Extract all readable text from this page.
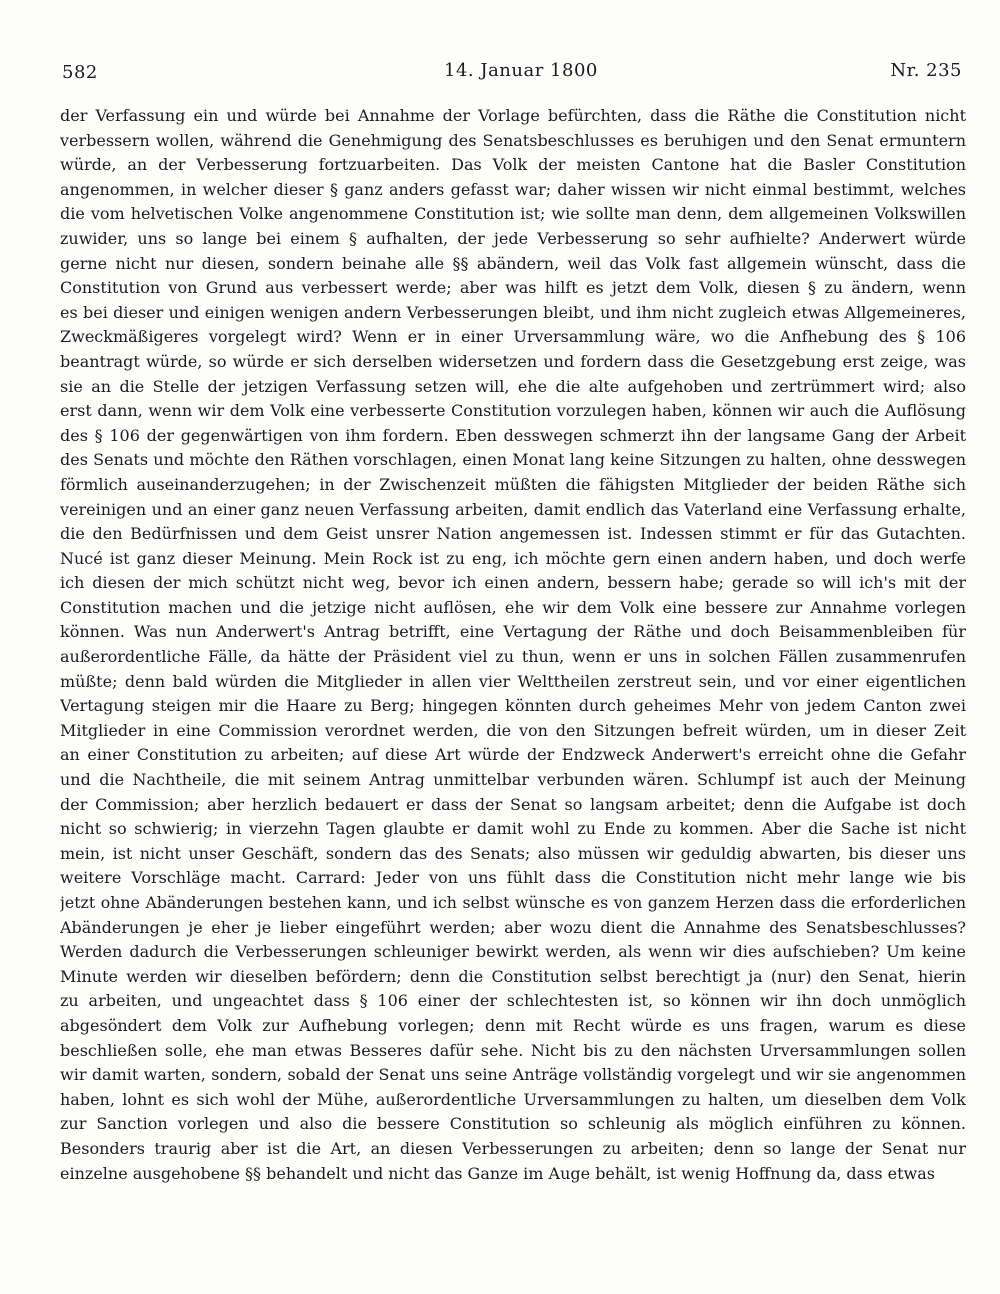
582	14. Januar 1800	Nr. 235
der Verfassung ein und würde bei Annahme der Vorlage befürchten, dass die Räthe die Constitution nicht
verbessern wollen, während die Genehmigung des Senatsbeschlusses es beruhigen und den Senat ermuntern
würde, an der Verbesserung fortzuarbeiten. Das Volk der meisten Cantone hat die Basler Constitution
angenommen, in welcher dieser § ganz anders gefasst war; daher wissen wir nicht einmal bestimmt, welches
die vom helvetischen Volke angenommene Constitution ist; wie sollte man denn, dem allgemeinen Volkswillen
zuwider, uns so lange bei einem § aufhalten, der jede Verbesserung so sehr aufhielte? Anderwert würde
gerne nicht nur diesen, sondern beinahe alle §§ abändern, weil das Volk fast allgemein wünscht, dass die
Constitution von Grund aus verbessert werde; aber was hilft es jetzt dem Volk, diesen § zu ändern, wenn
es bei dieser und einigen wenigen andern Verbesserungen bleibt, und ihm nicht zugleich etwas Allgemeineres,
Zweckmäßigeres vorgelegt wird? Wenn er in einer Urversammlung wäre, wo die Anfhebung des § 106
beantragt würde, so würde er sich derselben widersetzen und fordern dass die Gesetzgebung erst zeige, was
sie an die Stelle der jetzigen Verfassung setzen will, ehe die alte aufgehoben und zertrümmert wird; also
erst dann, wenn wir dem Volk eine verbesserte Constitution vorzulegen haben, können wir auch die Auflösung
des § 106 der gegenwärtigen von ihm fordern. Eben desswegen schmerzt ihn der langsame Gang der Arbeit
des Senats und möchte den Räthen vorschlagen, einen Monat lang keine Sitzungen zu halten, ohne desswegen
förmlich auseinanderzugehen; in der Zwischenzeit müßten die fähigsten Mitglieder der beiden Räthe sich
vereinigen und an einer ganz neuen Verfassung arbeiten, damit endlich das Vaterland eine Verfassung erhalte,
die den Bedürfnissen und dem Geist unsrer Nation angemessen ist. Indessen stimmt er für das Gutachten.
Nucé ist ganz dieser Meinung. Mein Rock ist zu eng, ich möchte gern einen andern haben, und doch werfe
ich diesen der mich schützt nicht weg, bevor ich einen andern, bessern habe; gerade so will ich's mit der
Constitution machen und die jetzige nicht auflösen, ehe wir dem Volk eine bessere zur Annahme vorlegen
können. Was nun Anderwert's Antrag betrifft, eine Vertagung der Räthe und doch Beisammenbleiben für
außerordentliche Fälle, da hätte der Präsident viel zu thun, wenn er uns in solchen Fällen zusammenrufen
müßte; denn bald würden die Mitglieder in allen vier Welttheilen zerstreut sein, und vor einer eigentlichen
Vertagung steigen mir die Haare zu Berg; hingegen könnten durch geheimes Mehr von jedem Canton zwei
Mitglieder in eine Commission verordnet werden, die von den Sitzungen befreit würden, um in dieser Zeit
an einer Constitution zu arbeiten; auf diese Art würde der Endzweck Anderwert's erreicht ohne die Gefahr
und die Nachtheile, die mit seinem Antrag unmittelbar verbunden wären. Schlumpf ist auch der Meinung
der Commission; aber herzlich bedauert er dass der Senat so langsam arbeitet; denn die Aufgabe ist doch
nicht so schwierig; in vierzehn Tagen glaubte er damit wohl zu Ende zu kommen. Aber die Sache ist nicht
mein, ist nicht unser Geschäft, sondern das des Senats; also müssen wir geduldig abwarten, bis dieser uns
weitere Vorschläge macht. Carrard: Jeder von uns fühlt dass die Constitution nicht mehr lange wie bis
jetzt ohne Abänderungen bestehen kann, und ich selbst wünsche es von ganzem Herzen dass die erforderlichen
Abänderungen je eher je lieber eingeführt werden; aber wozu dient die Annahme des Senatsbeschlusses?
Werden dadurch die Verbesserungen schleuniger bewirkt werden, als wenn wir dies aufschieben? Um keine
Minute werden wir dieselben befördern; denn die Constitution selbst berechtigt ja (nur) den Senat, hierin
zu arbeiten, und ungeachtet dass § 106 einer der schlechtesten ist, so können wir ihn doch unmöglich
abgesöndert dem Volk zur Aufhebung vorlegen; denn mit Recht würde es uns fragen, warum es diese
beschließen solle, ehe man etwas Besseres dafür sehe. Nicht bis zu den nächsten Urversammlungen sollen
wir damit warten, sondern, sobald der Senat uns seine Anträge vollständig vorgelegt und wir sie angenommen
haben, lohnt es sich wohl der Mühe, außerordentliche Urversammlungen zu halten, um dieselben dem Volk
zur Sanction vorlegen und also die bessere Constitution so schleunig als möglich einführen zu können.
Besonders traurig aber ist die Art, an diesen Verbesserungen zu arbeiten; denn so lange der Senat nur
einzelne ausgehobene §§ behandelt und nicht das Ganze im Auge behält, ist wenig Hoffnung da, dass etwas
